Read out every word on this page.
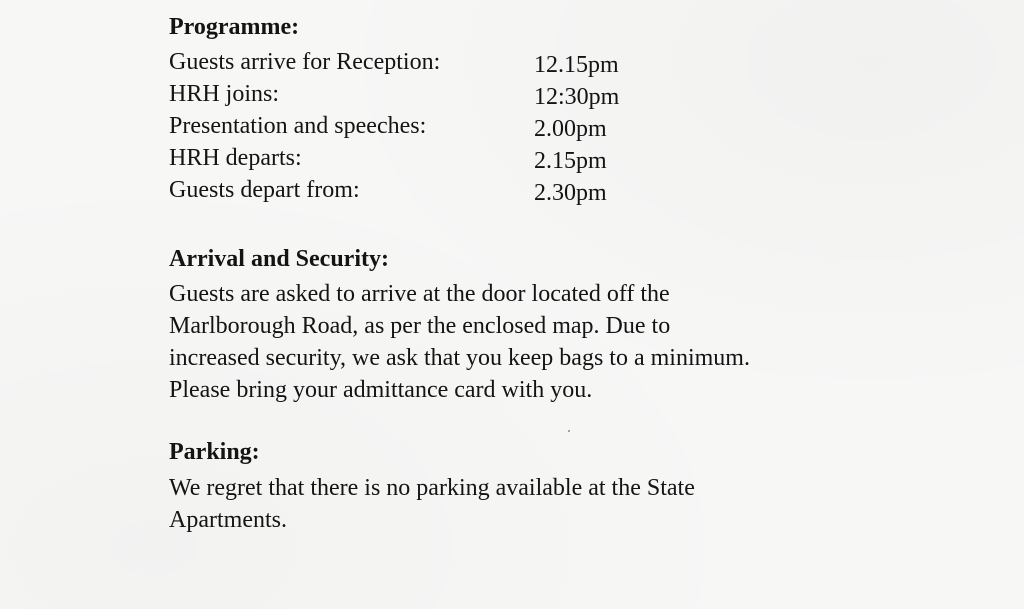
Programme:
Guests arrive for Reception:	12.15pm
HRH joins:	12:30pm
Presentation and speeches:	2.00pm
HRH departs:	2.15pm
Guests depart from:	2.30pm
Arrival and Security:

Guests are asked to arrive at the door located off the
Marlborough Road, as per the enclosed map. Due to
increased security, we ask that you keep bags to a minimum.
Please bring your admittance card with you.

Parking:

We regret that there is no parking available at the State
Apartments.
